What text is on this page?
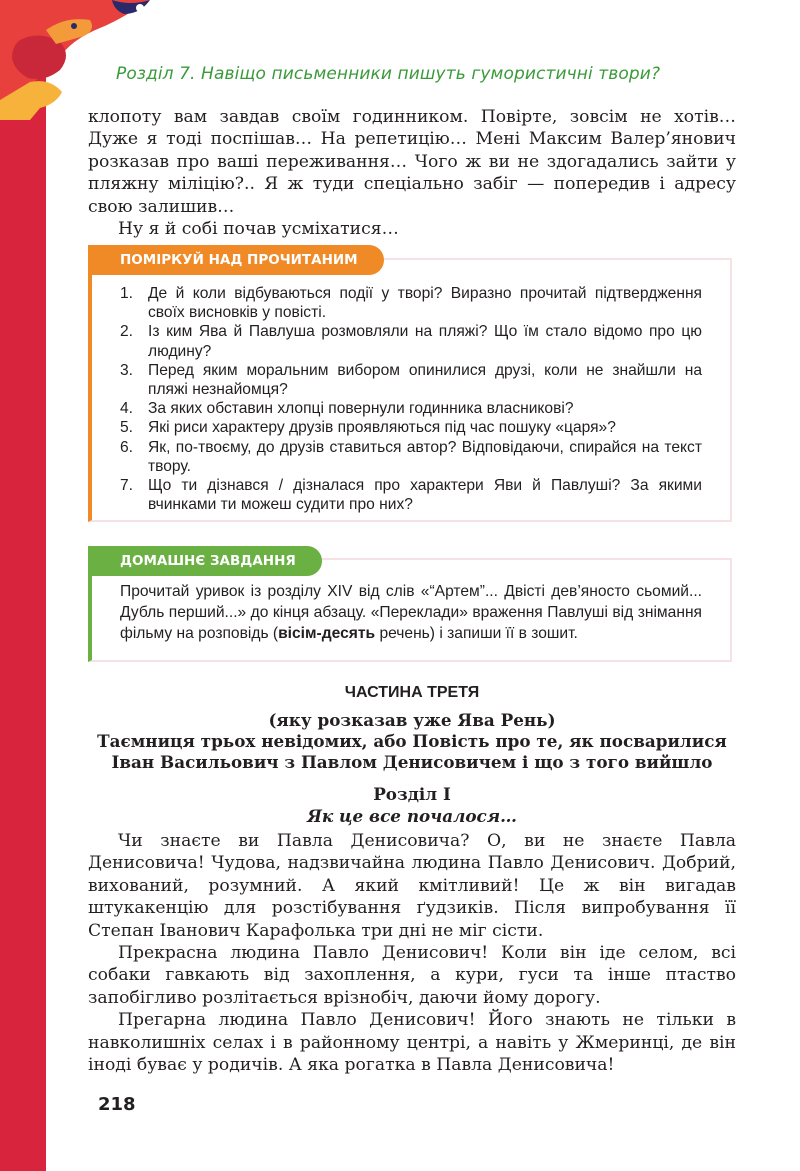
Розділ 7. Навіщо письменники пишуть гумористичні твори?

клопоту вам завдав своїм годинником. Повірте, зовсім не хотів… Дуже я тоді поспішав… На репетицію… Мені Максим Валер’янович розказав про ваші переживання… Чого ж ви не здогадались зайти у пляжну міліцію?.. Я ж туди спеціально забіг — попередив і адресу свою залишив…

Ну я й собі почав усміхатися…

ПОМІРКУЙ НАД ПРОЧИТАНИМ
1. Де й коли відбуваються події у творі? Виразно прочитай підтвердження своїх висновків у повісті.
2. Із ким Ява й Павлуша розмовляли на пляжі? Що їм стало відомо про цю людину?
3. Перед яким моральним вибором опинилися друзі, коли не знайшли на пляжі незнайомця?
4. За яких обставин хлопці повернули годинника власникові?
5. Які риси характеру друзів проявляються під час пошуку «царя»?
6. Як, по-твоєму, до друзів ставиться автор? Відповідаючи, спирайся на текст твору.
7. Що ти дізнався / дізналася про характери Яви й Павлуші? За якими вчинками ти можеш судити про них?
ДОМАШНЄ ЗАВДАННЯ
Прочитай уривок із розділу XIV від слів «“Артем”... Двісті дев’яносто сьомий... Дубль перший...» до кінця абзацу. «Переклади» враження Павлуші від знімання фільму на розповідь (вісім-десять речень) і запиши її в зошит.
ЧАСТИНА ТРЕТЯ
(яку розказав уже Ява Рень)
Таємниця трьох невідомих, або Повість про те, як посварилися
Іван Васильович з Павлом Денисовичем і що з того вийшло
Розділ І
Як це все почалося…

Чи знаєте ви Павла Денисовича? О, ви не знаєте Павла Денисовича! Чудова, надзвичайна людина Павло Денисович. Добрий, вихований, розумний. А який кмітливий! Це ж він вигадав штукакенцію для розстібування ґудзиків. Після випробування її Степан Іванович Карафолька три дні не міг сісти.

Прекрасна людина Павло Денисович! Коли він іде селом, всі собаки гавкають від захоплення, а кури, гуси та інше птаство запобігливо розлітається врізнобіч, даючи йому дорогу.

Прегарна людина Павло Денисович! Його знають не тільки в навколишніх селах і в районному центрі, а навіть у Жмеринці, де він іноді буває у родичів. А яка рогатка в Павла Денисовича!

218
